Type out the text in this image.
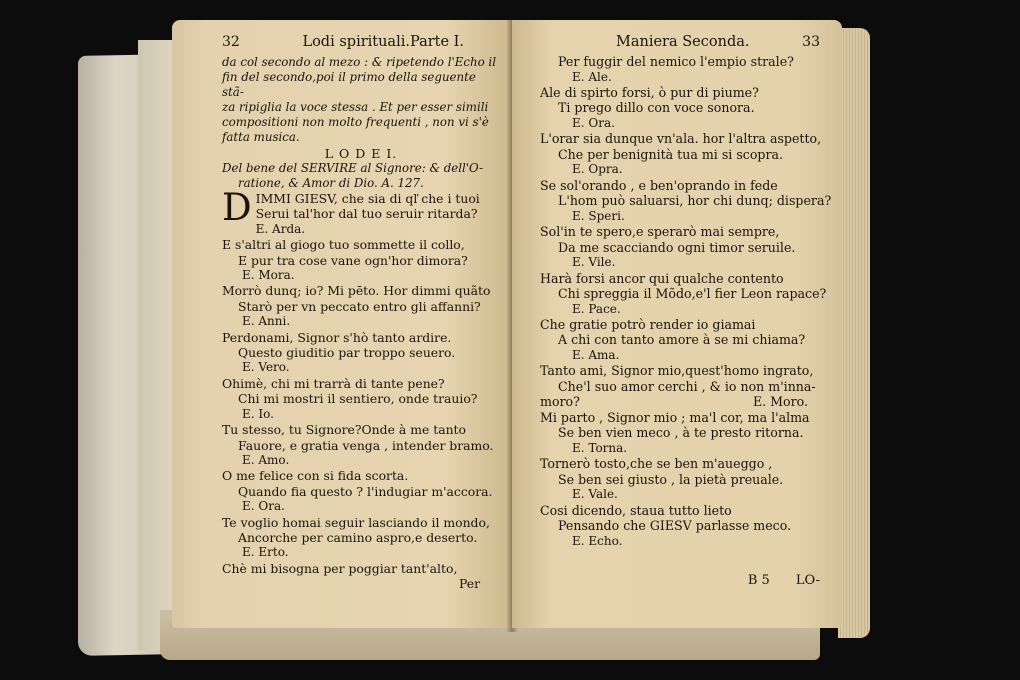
32	Lodi spirituali.Parte I.
da col secondo al mezo : & ripetendo l'Echo il
fin del secondo,poi il primo della seguente stã-
za ripiglia la voce stessa . Et per esser simili
compositioni non molto frequenti , non vi s'è
fatta musica.
L O D E I.
Del bene del SERVIRE al Signore: & dell'O-
ratione, & Amor di Dio. A. 127.
D IMMI GIESV, che sia di qľ che i tuoi
Serui tal'hor dal tuo seruir ritarda?
E. Arda.
E s'altri al giogo tuo sommette il collo,
E pur tra cose vane ogn'hor dimora?
E. Mora.
Morrò dunq; io? Mi pēto. Hor dimmi quãto
Starò per vn peccato entro gli affanni?
E. Anni.
Perdonami, Signor s'hò tanto ardire.
Questo giuditio par troppo seuero.
E. Vero.
Ohimè, chi mi trarrà di tante pene?
Chi mi mostri il sentiero, onde trauio?
E. Io.
Tu stesso, tu Signore?Onde à me tanto
Fauore, e gratia venga , intender bramo.
E. Amo.
O me felice con si fida scorta.
Quando fia questo ? l'indugiar m'accora.
E. Ora.
Te voglio homai seguir lasciando il mondo,
Ancorche per camino aspro,e deserto.
E. Erto.
Chè mi bisogna per poggiar tant'alto,
Per
Maniera Seconda.	33
Per fuggir del nemico l'empio strale?
E. Ale.
Ale di spirto forsi, ò pur di piume?
Ti prego dillo con voce sonora.
E. Ora.
L'orar sia dunque vn'ala. hor l'altra aspetto,
Che per benignità tua mi si scopra.
E. Opra.
Se sol'orando , e ben'oprando in fede
L'hom può saluarsi, hor chi dunq; dispera?
E. Speri.
Sol'in te spero,e sperarò mai sempre,
Da me scacciando ogni timor seruile.
E. Vile.
Harà forsi ancor qui qualche contento
Chi spreggia il Mõdo,e'l fier Leon rapace?
E. Pace.
Che gratie potrò render io giamai
A chi con tanto amore à se mi chiama?
E. Ama.
Tanto ami, Signor mio,quest'homo ingrato,
Che'l suo amor cerchi , & io non m'inna-
moro?	E. Moro.
Mi parto , Signor mio ; ma'l cor, ma l'alma
Se ben vien meco , à te presto ritorna.
E. Torna.
Tornerò tosto,che se ben m'aueggo ,
Se ben sei giusto , la pietà preuale.
E. Vale.
Cosi dicendo, staua tutto lieto
Pensando che GIESV parlasse meco.
E. Echo.
B 5 LO-
